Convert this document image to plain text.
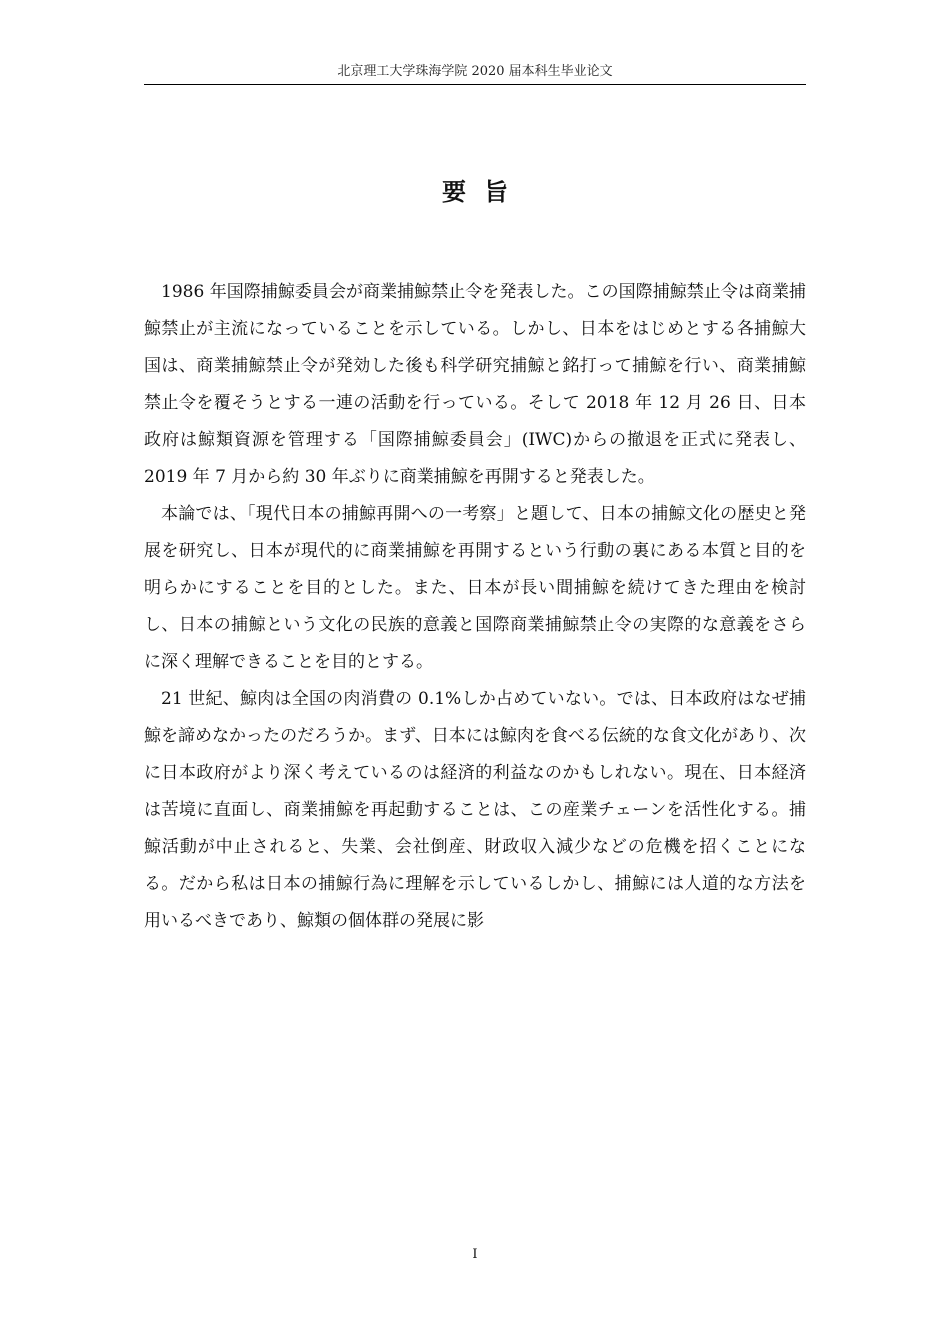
北京理工大学珠海学院 2020 届本科生毕业论文
要旨

1986 年国際捕鯨委員会が商業捕鯨禁止令を発表した。この国際捕鯨禁止令は商業捕鯨禁止が主流になっていることを示している。しかし、日本をはじめとする各捕鯨大国は、商業捕鯨禁止令が発効した後も科学研究捕鯨と銘打って捕鯨を行い、商業捕鯨禁止令を覆そうとする一連の活動を行っている。そして 2018 年 12 月 26 日、日本政府は鯨類資源を管理する「国際捕鯨委員会」(IWC)からの撤退を正式に発表し、2019 年 7 月から約 30 年ぶりに商業捕鯨を再開すると発表した。

本論では、「現代日本の捕鯨再開への一考察」と題して、日本の捕鯨文化の歴史と発展を研究し、日本が現代的に商業捕鯨を再開するという行動の裏にある本質と目的を明らかにすることを目的とした。また、日本が長い間捕鯨を続けてきた理由を検討し、日本の捕鯨という文化の民族的意義と国際商業捕鯨禁止令の実際的な意義をさらに深く理解できることを目的とする。

21 世紀、鯨肉は全国の肉消費の 0.1%しか占めていない。では、日本政府はなぜ捕鯨を諦めなかったのだろうか。まず、日本には鯨肉を食べる伝統的な食文化があり、次に日本政府がより深く考えているのは経済的利益なのかもしれない。現在、日本経済は苦境に直面し、商業捕鯨を再起動することは、この産業チェーンを活性化する。捕鯨活動が中止されると、失業、会社倒産、財政収入減少などの危機を招くことになる。だから私は日本の捕鯨行為に理解を示しているしかし、捕鯨には人道的な方法を用いるべきであり、鯨類の個体群の発展に影

I
